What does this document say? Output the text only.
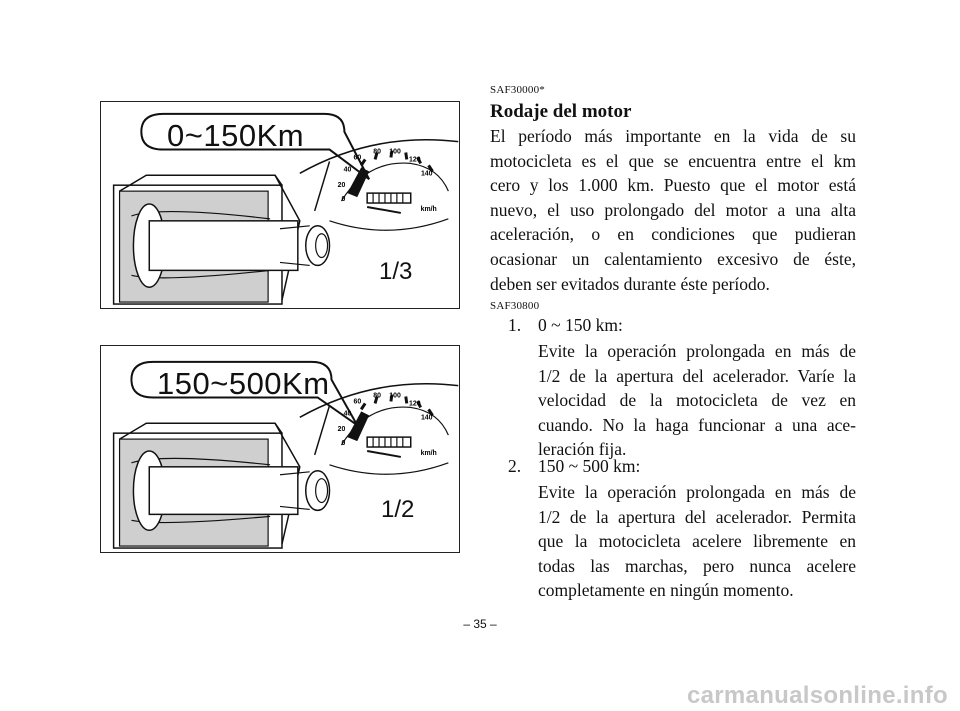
0
20
40
60
80 100
120
140
km/h
0~150Km
1/3
0
20
40
60
80 100
120
140
km/h
150~500Km
1/2
SAF30000*
Rodaje del motor
El período más importante en la vida de su
motocicleta es el que se encuentra entre el km
cero y los 1.000 km. Puesto que el motor está
nuevo, el uso prolongado del motor a una alta
aceleración, o en condiciones que pudieran
ocasionar un calentamiento excesivo de éste,
deben ser evitados durante éste período.
SAF30800
1. 0 ~ 150 km:
Evite la operación prolongada en más de
1/2 de la apertura del acelerador. Varíe la
velocidad de la motocicleta de vez en
cuando. No la haga funcionar a una ace-
leración fija.
2. 150 ~ 500 km:
Evite la operación prolongada en más de
1/2 de la apertura del acelerador. Permita
que la motocicleta acelere libremente en
todas las marchas, pero nunca acelere
completamente en ningún momento.
– 35 –
carmanualsonline.info
